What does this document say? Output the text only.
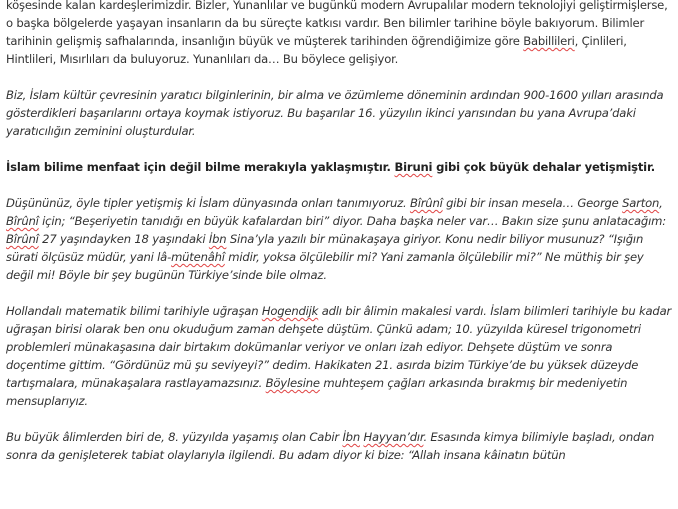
köşesinde kalan kardeşlerimizdir. Bizler, Yunanlılar ve bugünkü modern Avrupalılar modern teknolojiyi geliştirmişlerse, o başka bölgelerde yaşayan insanların da bu süreçte katkısı vardır. Ben bilimler tarihine böyle bakıyorum. Bilimler tarihinin gelişmiş safhalarında, insanlığın büyük ve müşterek tarihinden öğrendiğimize göre Babillileri, Çinlileri, Hintlileri, Mısırlıları da buluyoruz. Yunanlıları da… Bu böylece gelişiyor.

Biz, İslam kültür çevresinin yaratıcı bilginlerinin, bir alma ve özümleme döneminin ardından 900-1600 yılları arasında gösterdikleri başarılarını ortaya koymak istiyoruz. Bu başarılar 16. yüzyılın ikinci yarısından bu yana Avrupa’daki yaratıcılığın zeminini oluşturdular.

İslam bilime menfaat için değil bilme merakıyla yaklaşmıştır. Biruni gibi çok büyük dehalar yetişmiştir.

Düşününüz, öyle tipler yetişmiş ki İslam dünyasında onları tanımıyoruz. Bîrûnî gibi bir insan mesela… George Sarton, Bîrûnî için; “Beşeriyetin tanıdığı en büyük kafalardan biri” diyor. Daha başka neler var… Bakın size şunu anlatacağım: Bîrûnî 27 yaşındayken 18 yaşındaki İbn Sina’yla yazılı bir münakaşaya giriyor. Konu nedir biliyor musunuz? “Işığın sürati ölçüsüz müdür, yani lâ-mütenâhî midir, yoksa ölçülebilir mi? Yani zamanla ölçülebilir mi?” Ne müthiş bir şey değil mi! Böyle bir şey bugünün Türkiye’sinde bile olmaz.

Hollandalı matematik bilimi tarihiyle uğraşan Hogendijk adlı bir âlimin makalesi vardı. İslam bilimleri tarihiyle bu kadar uğraşan birisi olarak ben onu okuduğum zaman dehşete düştüm. Çünkü adam; 10. yüzyılda küresel trigonometri problemleri münakaşasına dair birtakım dokümanlar veriyor ve onları izah ediyor. Dehşete düştüm ve sonra doçentime gittim. “Gördünüz mü şu seviyeyi?” dedim. Hakikaten 21. asırda bizim Türkiye’de bu yüksek düzeyde tartışmalara, münakaşalara rastlayamazsınız. Böylesine muhteşem çağları arkasında bırakmış bir medeniyetin mensuplarıyız.

Bu büyük âlimlerden biri de, 8. yüzyılda yaşamış olan Cabir İbn Hayyan’dır. Esasında kimya bilimiyle başladı, ondan sonra da genişleterek tabiat olaylarıyla ilgilendi. Bu adam diyor ki bize: “Allah insana kâinatın bütün
